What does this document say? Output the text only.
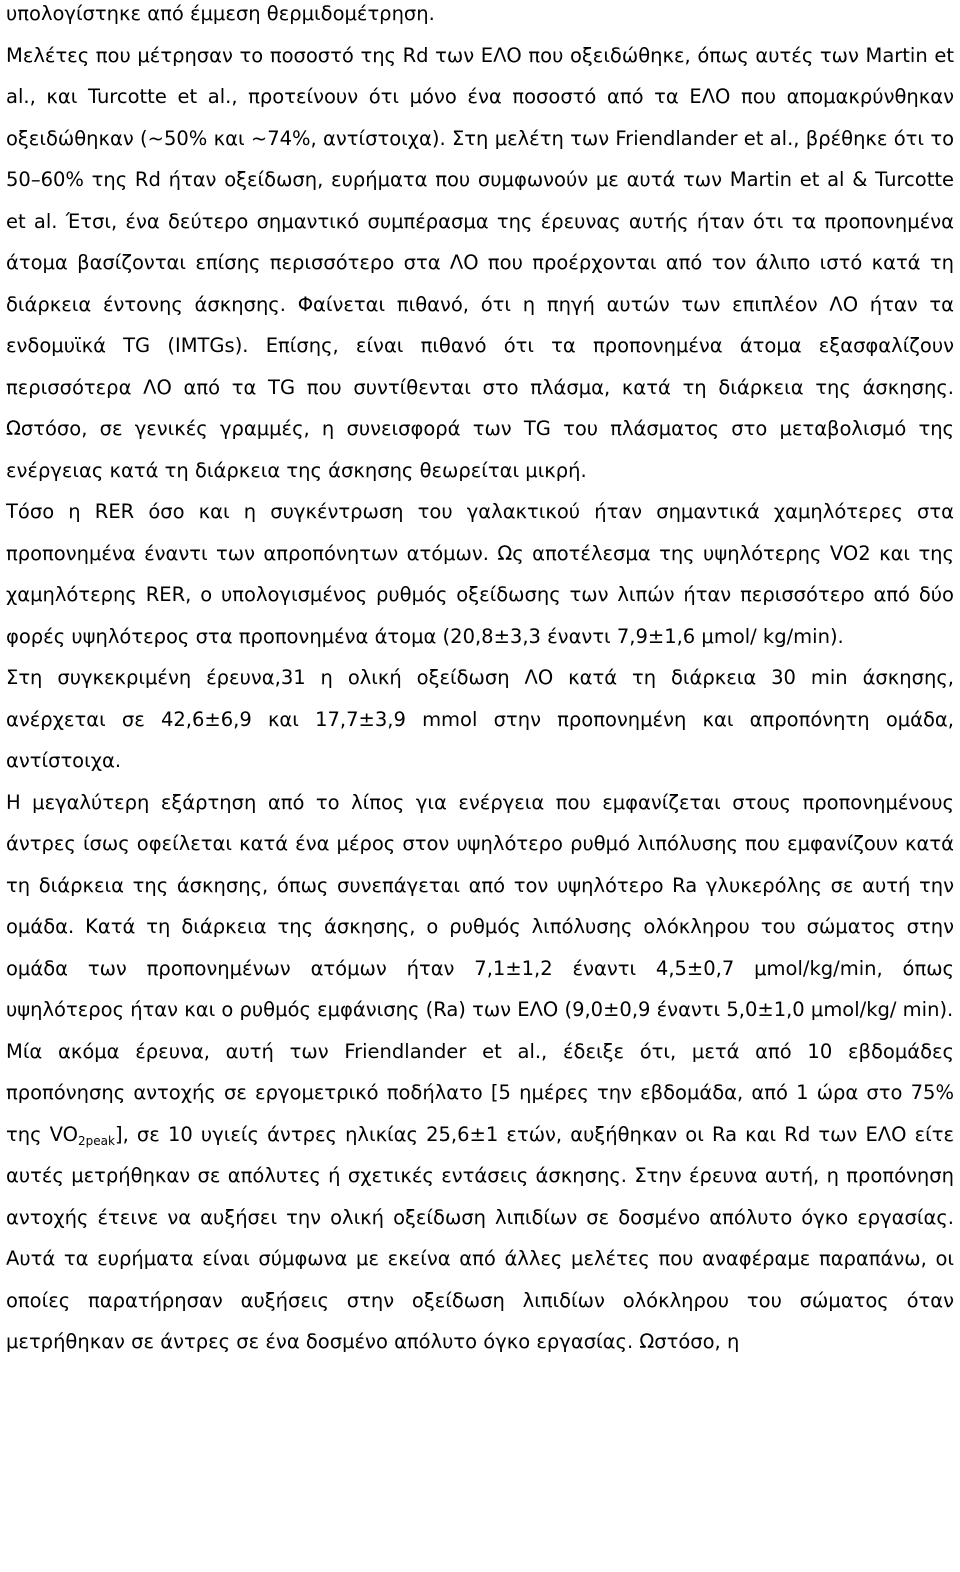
υπολογίστηκε από έμμεση θερμιδομέτρηση.

Μελέτες που μέτρησαν το ποσοστό της Rd των ΕΛΟ που οξειδώθηκε, όπως αυτές των Martin et al., και Turcotte et al., προτείνουν ότι μόνο ένα ποσοστό από τα ΕΛΟ που απομακρύνθηκαν οξειδώθηκαν (~50% και ~74%, αντίστοιχα). Στη μελέτη των Friendlander et al., βρέθηκε ότι το 50–60% της Rd ήταν οξείδωση, ευρήματα που συμφωνούν με αυτά των Martin et al & Turcotte et al. Έτσι, ένα δεύτερο σημαντικό συμπέρασμα της έρευνας αυτής ήταν ότι τα προπονημένα άτομα βασίζονται επίσης περισσότερο στα ΛΟ που προέρχονται από τον άλιπο ιστό κατά τη διάρκεια έντονης άσκησης. Φαίνεται πιθανό, ότι η πηγή αυτών των επιπλέον ΛΟ ήταν τα ενδομυϊκά TG (IMTGs). Επίσης, είναι πιθανό ότι τα προπονημένα άτομα εξασφαλίζουν περισσότερα ΛΟ από τα TG που συντίθενται στο πλάσμα, κατά τη διάρκεια της άσκησης. Ωστόσο, σε γενικές γραμμές, η συνεισφορά των TG του πλάσματος στο μεταβολισμό της ενέργειας κατά τη διάρκεια της άσκησης θεωρείται μικρή.

Τόσο η RER όσο και η συγκέντρωση του γαλακτικού ήταν σημαντικά χαμηλότερες στα προπονημένα έναντι των απροπόνητων ατόμων. Ως αποτέλεσμα της υψηλότερης VO2 και της χαμηλότερης RER, ο υπολογισμένος ρυθμός οξείδωσης των λιπών ήταν περισσότερο από δύο φορές υψηλότερος στα προπονημένα άτομα (20,8±3,3 έναντι 7,9±1,6 μmol/ kg/min).

Στη συγκεκριμένη έρευνα,31 η ολική οξείδωση ΛΟ κατά τη διάρκεια 30 min άσκησης, ανέρχεται σε 42,6±6,9 και 17,7±3,9 mmol στην προπονημένη και απροπόνητη ομάδα, αντίστοιχα.

Η μεγαλύτερη εξάρτηση από το λίπος για ενέργεια που εμφανίζεται στους προπονημένους άντρες ίσως οφείλεται κατά ένα μέρος στον υψηλότερο ρυθμό λιπόλυσης που εμφανίζουν κατά τη διάρκεια της άσκησης, όπως συνεπάγεται από τον υψηλότερο Ra γλυκερόλης σε αυτή την ομάδα. Κατά τη διάρκεια της άσκησης, ο ρυθμός λιπόλυσης ολόκληρου του σώματος στην ομάδα των προπονημένων ατόμων ήταν 7,1±1,2 έναντι 4,5±0,7 μmol/kg/min, όπως υψηλότερος ήταν και ο ρυθμός εμφάνισης (Ra) των ΕΛΟ (9,0±0,9 έναντι 5,0±1,0 μmol/kg/ min).

Μία ακόμα έρευνα, αυτή των Friendlander et al., έδειξε ότι, μετά από 10 εβδομάδες προπόνησης αντοχής σε εργομετρικό ποδήλατο [5 ημέρες την εβδομάδα, από 1 ώρα στο 75% της $VO_{2peak}$], σε 10 υγιείς άντρες ηλικίας 25,6±1 ετών, αυξήθηκαν οι Ra και Rd των ΕΛΟ είτε αυτές μετρήθηκαν σε απόλυτες ή σχετικές εντάσεις άσκησης. Στην έρευνα αυτή, η προπόνηση αντοχής έτεινε να αυξήσει την ολική οξείδωση λιπιδίων σε δοσμένο απόλυτο όγκο εργασίας. Αυτά τα ευρήματα είναι σύμφωνα με εκείνα από άλλες μελέτες που αναφέραμε παραπάνω, οι οποίες παρατήρησαν αυξήσεις στην οξείδωση λιπιδίων ολόκληρου του σώματος όταν μετρήθηκαν σε άντρες σε ένα δοσμένο απόλυτο όγκο εργασίας. Ωστόσο, η
